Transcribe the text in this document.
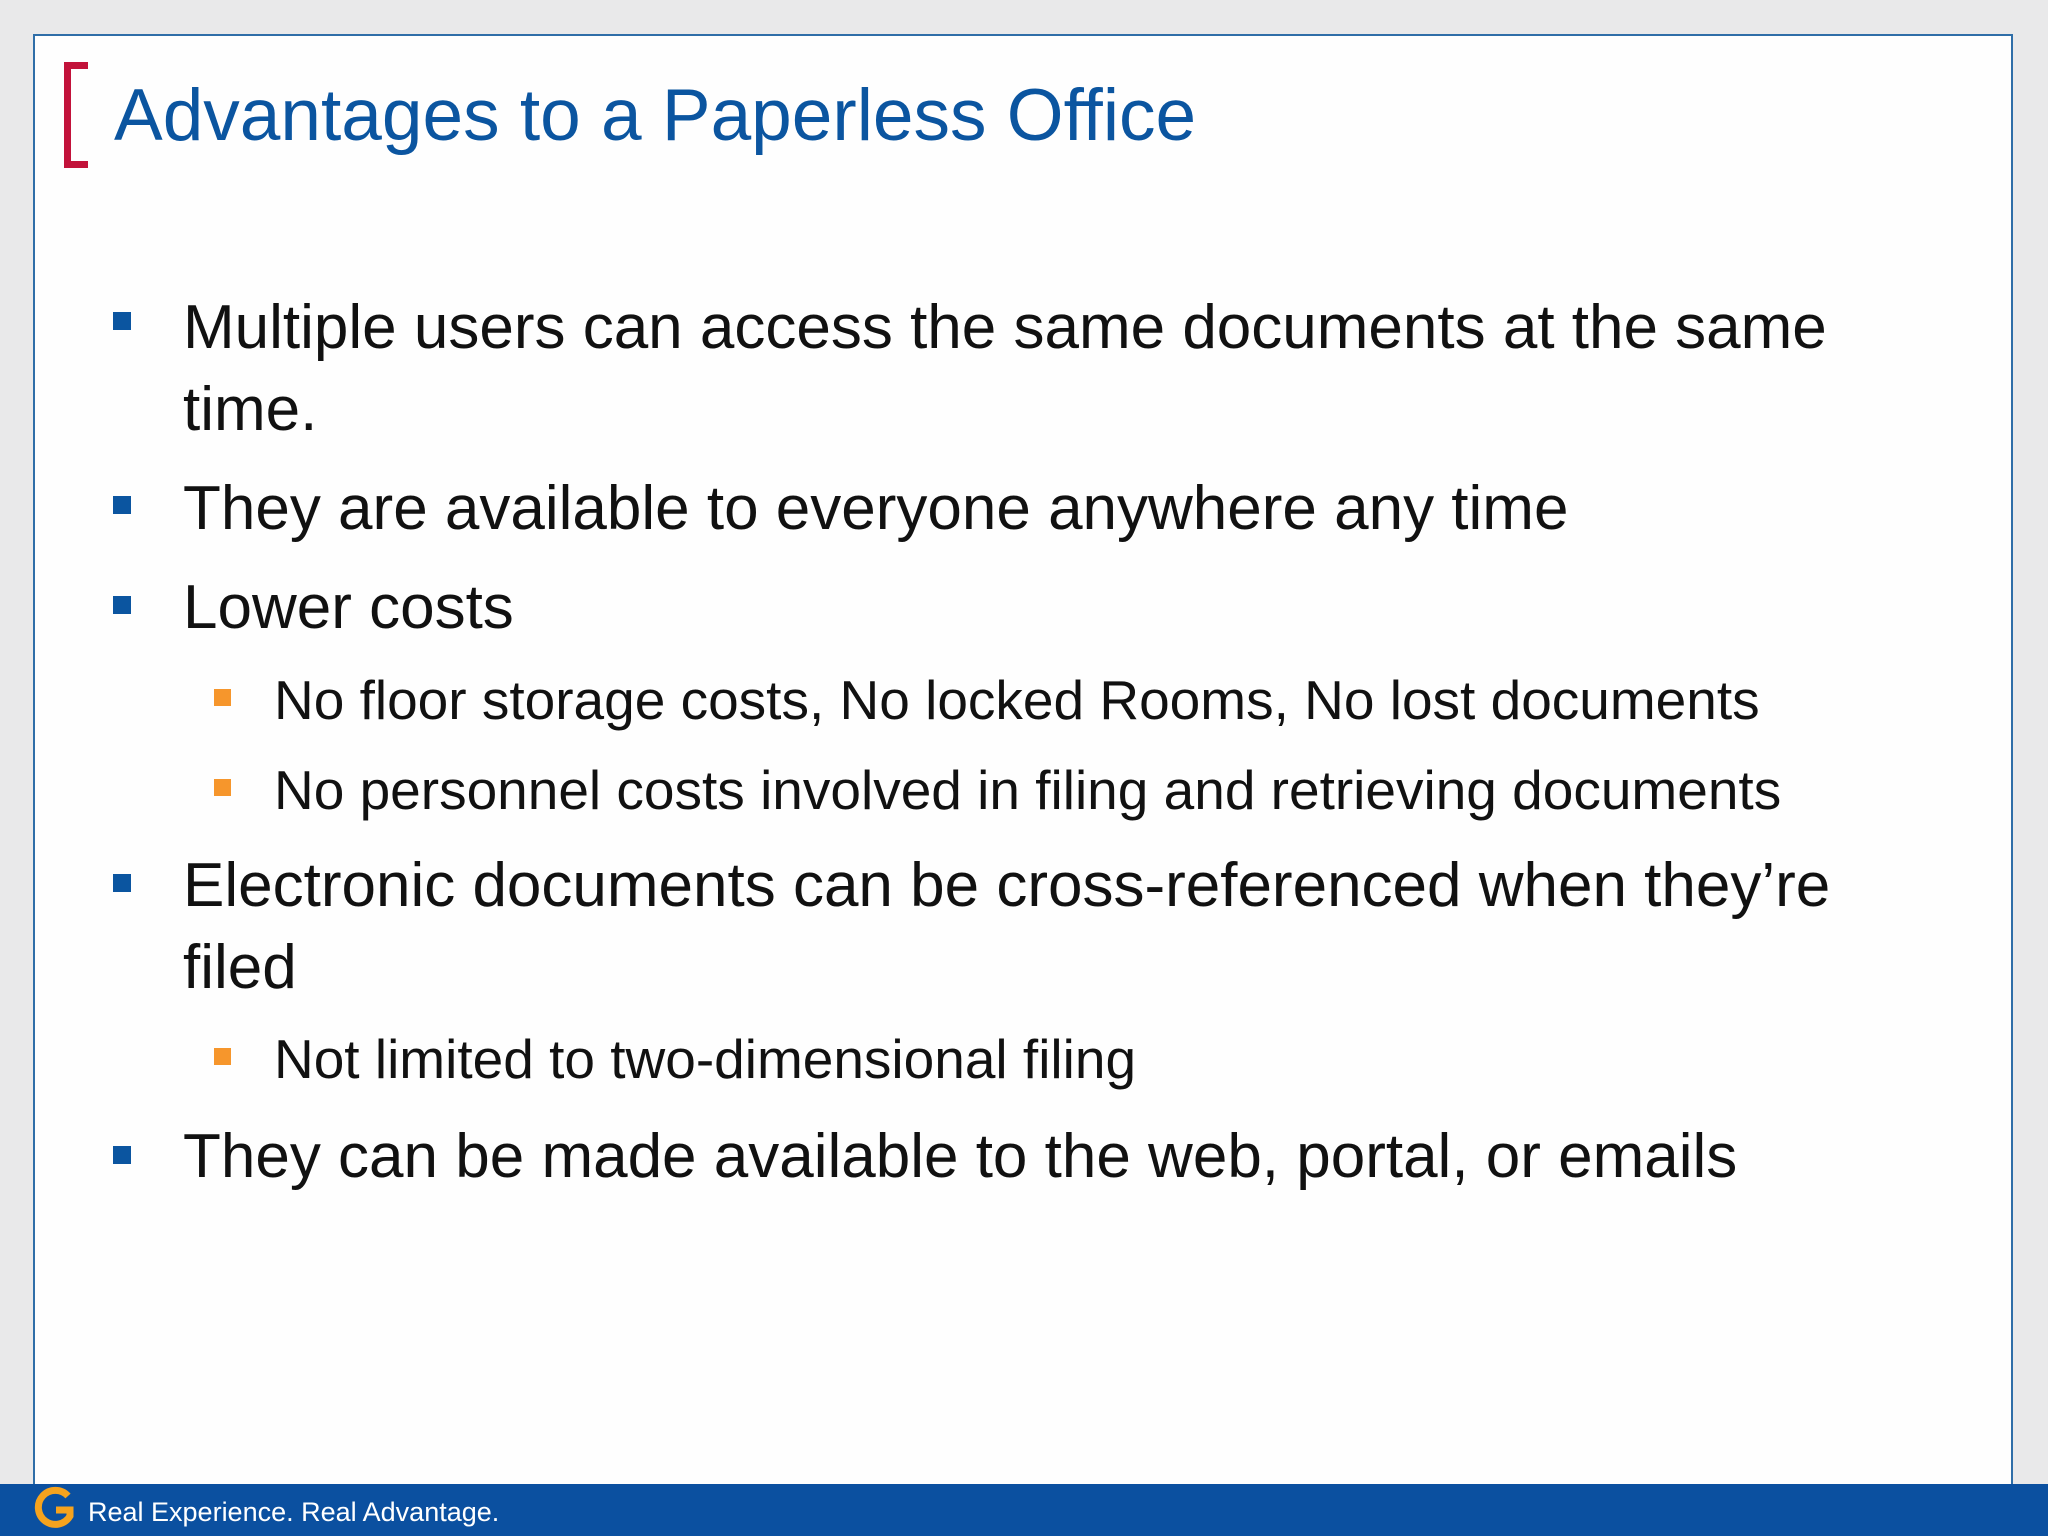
Advantages to a Paperless Office
Multiple users can access the same documents at the same time.
They are available to everyone anywhere any time
Lower costs
No floor storage costs, No locked Rooms, No lost documents
No personnel costs involved in filing and retrieving documents
Electronic documents can be cross-referenced when they’re filed
Not limited to two-dimensional filing
They can be made available to the web, portal, or emails
Real Experience. Real Advantage.
